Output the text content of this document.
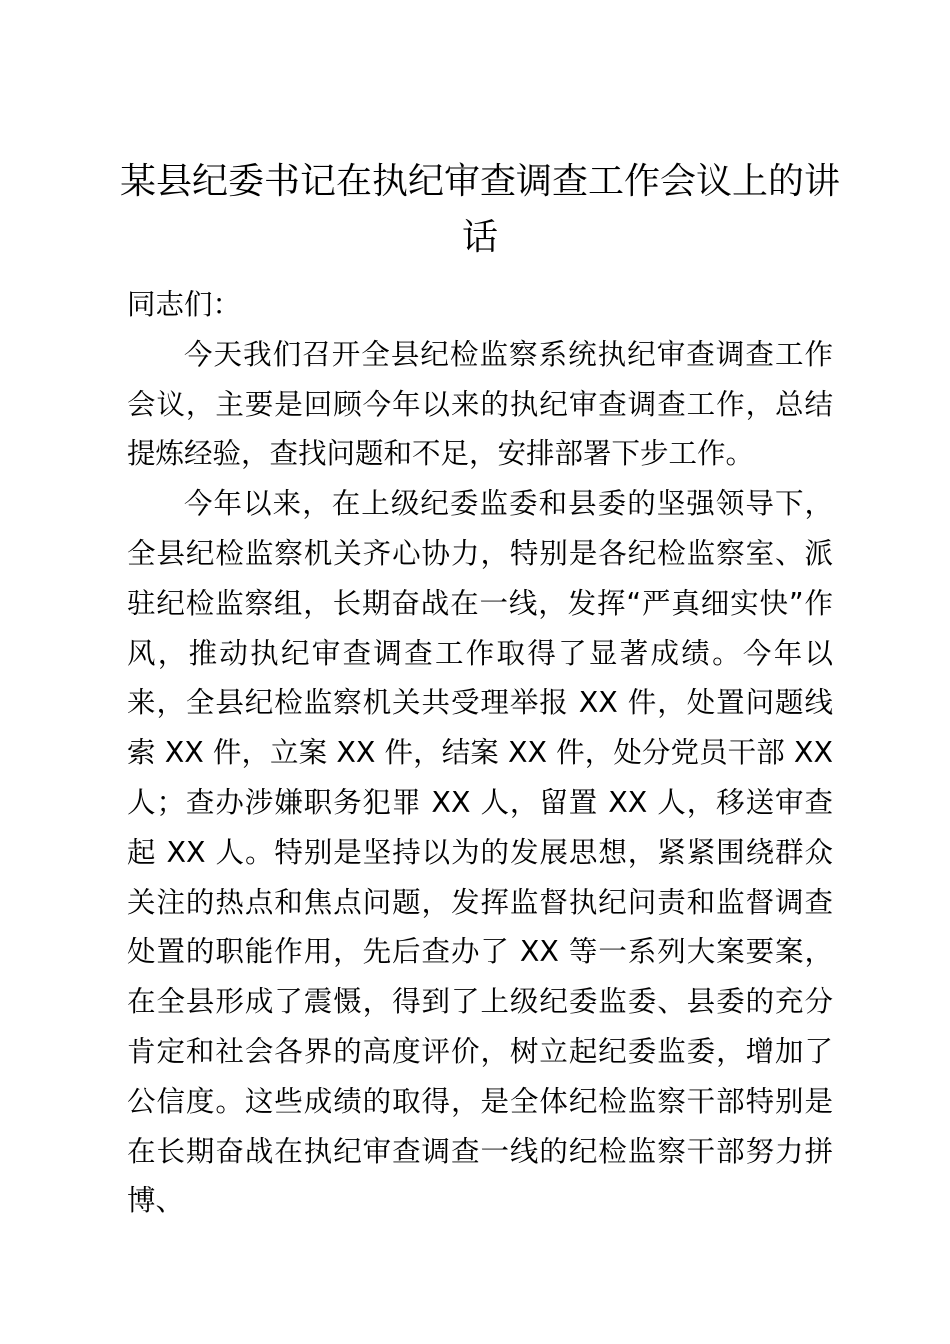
某县纪委书记在执纪审查调查工作会议上的讲话

同志们：

今天我们召开全县纪检监察系统执纪审查调查工作会议，主要是回顾今年以来的执纪审查调查工作，总结提炼经验，查找问题和不足，安排部署下步工作。

今年以来，在上级纪委监委和县委的坚强领导下，全县纪检监察机关齐心协力，特别是各纪检监察室、派驻纪检监察组，长期奋战在一线，发挥“严真细实快”作风，推动执纪审查调查工作取得了显著成绩。今年以来，全县纪检监察机关共受理举报 XX 件，处置问题线索 XX 件，立案 XX 件，结案 XX 件，处分党员干部 XX 人；查办涉嫌职务犯罪 XX 人，留置 XX 人，移送审查起 XX 人。特别是坚持以为的发展思想，紧紧围绕群众关注的热点和焦点问题，发挥监督执纪问责和监督调查处置的职能作用，先后查办了 XX 等一系列大案要案，在全县形成了震慑，得到了上级纪委监委、县委的充分肯定和社会各界的高度评价，树立起纪委监委，增加了公信度。这些成绩的取得，是全体纪检监察干部特别是在长期奋战在执纪审查调查一线的纪检监察干部努力拼博、
